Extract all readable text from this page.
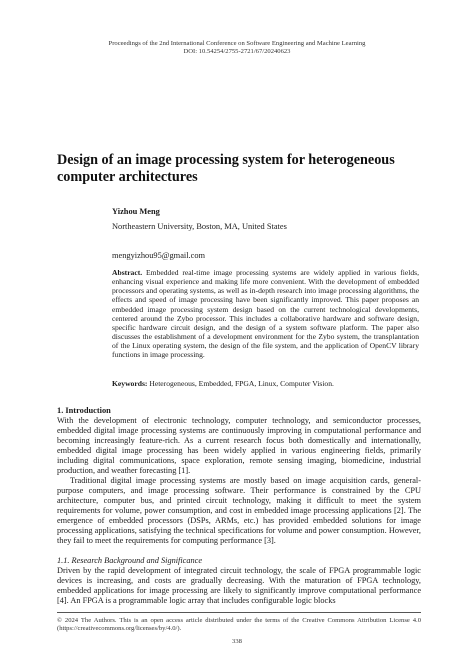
Proceedings of the 2nd International Conference on Software Engineering and Machine Learning
DOI: 10.54254/2755-2721/67/20240623
Design of an image processing system for heterogeneous computer architectures
Yizhou Meng
Northeastern University, Boston, MA, United States
mengyizhou95@gmail.com
Abstract. Embedded real-time image processing systems are widely applied in various fields, enhancing visual experience and making life more convenient. With the development of embedded processors and operating systems, as well as in-depth research into image processing algorithms, the effects and speed of image processing have been significantly improved. This paper proposes an embedded image processing system design based on the current technological developments, centered around the Zybo processor. This includes a collaborative hardware and software design, specific hardware circuit design, and the design of a system software platform. The paper also discusses the establishment of a development environment for the Zybo system, the transplantation of the Linux operating system, the design of the file system, and the application of OpenCV library functions in image processing.
Keywords: Heterogeneous, Embedded, FPGA, Linux, Computer Vision.
1. Introduction
With the development of electronic technology, computer technology, and semiconductor processes, embedded digital image processing systems are continuously improving in computational performance and becoming increasingly feature-rich. As a current research focus both domestically and internationally, embedded digital image processing has been widely applied in various engineering fields, primarily including digital communications, space exploration, remote sensing imaging, biomedicine, industrial production, and weather forecasting [1].
Traditional digital image processing systems are mostly based on image acquisition cards, general-purpose computers, and image processing software. Their performance is constrained by the CPU architecture, computer bus, and printed circuit technology, making it difficult to meet the system requirements for volume, power consumption, and cost in embedded image processing applications [2]. The emergence of embedded processors (DSPs, ARMs, etc.) has provided embedded solutions for image processing applications, satisfying the technical specifications for volume and power consumption. However, they fail to meet the requirements for computing performance [3].
1.1. Research Background and Significance
Driven by the rapid development of integrated circuit technology, the scale of FPGA programmable logic devices is increasing, and costs are gradually decreasing. With the maturation of FPGA technology, embedded applications for image processing are likely to significantly improve computational performance [4]. An FPGA is a programmable logic array that includes configurable logic blocks
© 2024 The Authors. This is an open access article distributed under the terms of the Creative Commons Attribution License 4.0 (https://creativecommons.org/licenses/by/4.0/).
338
